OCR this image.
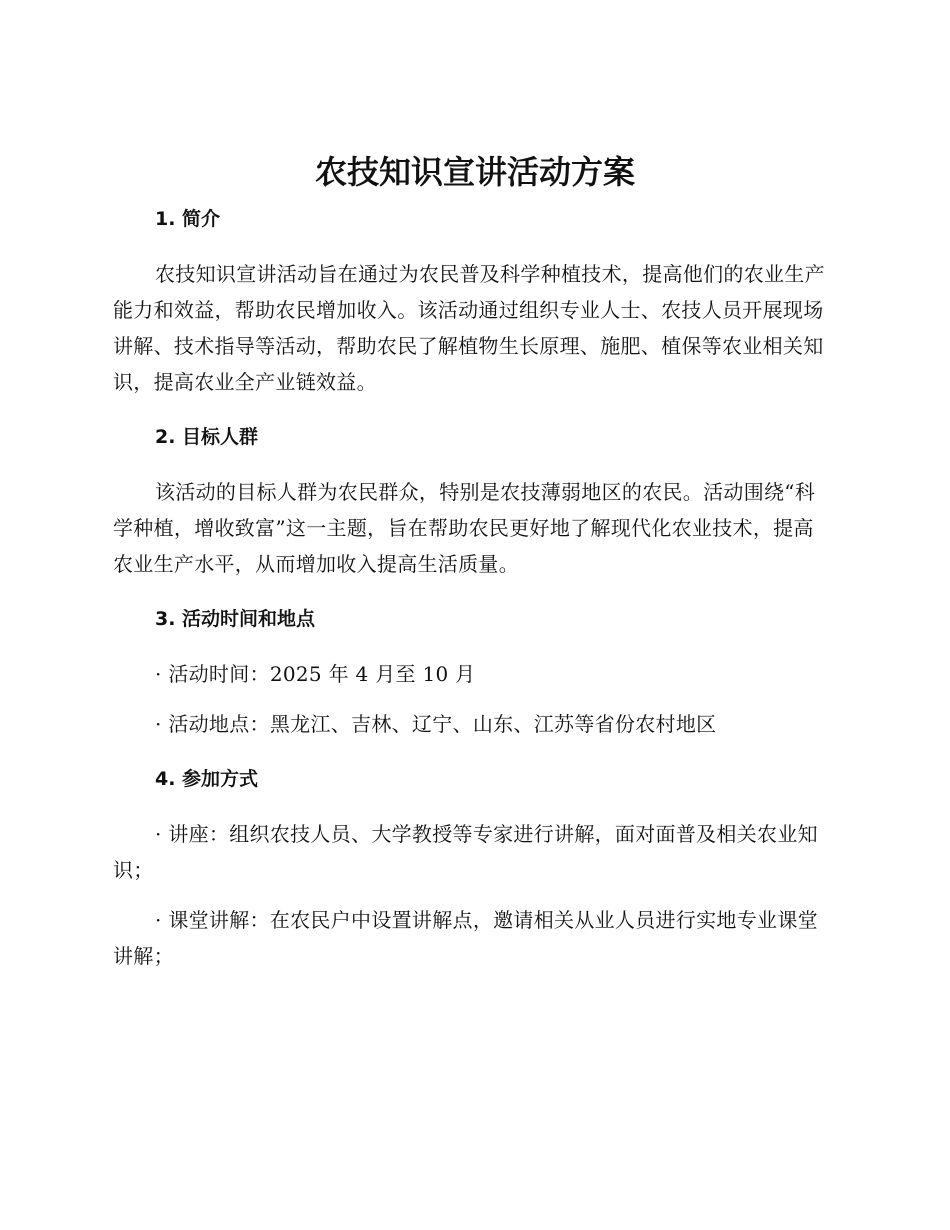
农技知识宣讲活动方案
1. 简介

农技知识宣讲活动旨在通过为农民普及科学种植技术，提高他们的农业生产能力和效益，帮助农民增加收入。该活动通过组织专业人士、农技人员开展现场讲解、技术指导等活动，帮助农民了解植物生长原理、施肥、植保等农业相关知识，提高农业全产业链效益。

2. 目标人群

该活动的目标人群为农民群众，特别是农技薄弱地区的农民。活动围绕“科学种植，增收致富”这一主题，旨在帮助农民更好地了解现代化农业技术，提高农业生产水平，从而增加收入提高生活质量。

3. 活动时间和地点

· 活动时间：2025 年 4 月至 10 月

· 活动地点：黑龙江、吉林、辽宁、山东、江苏等省份农村地区

4. 参加方式

· 讲座：组织农技人员、大学教授等专家进行讲解，面对面普及相关农业知识；

· 课堂讲解：在农民户中设置讲解点，邀请相关从业人员进行实地专业课堂讲解；
